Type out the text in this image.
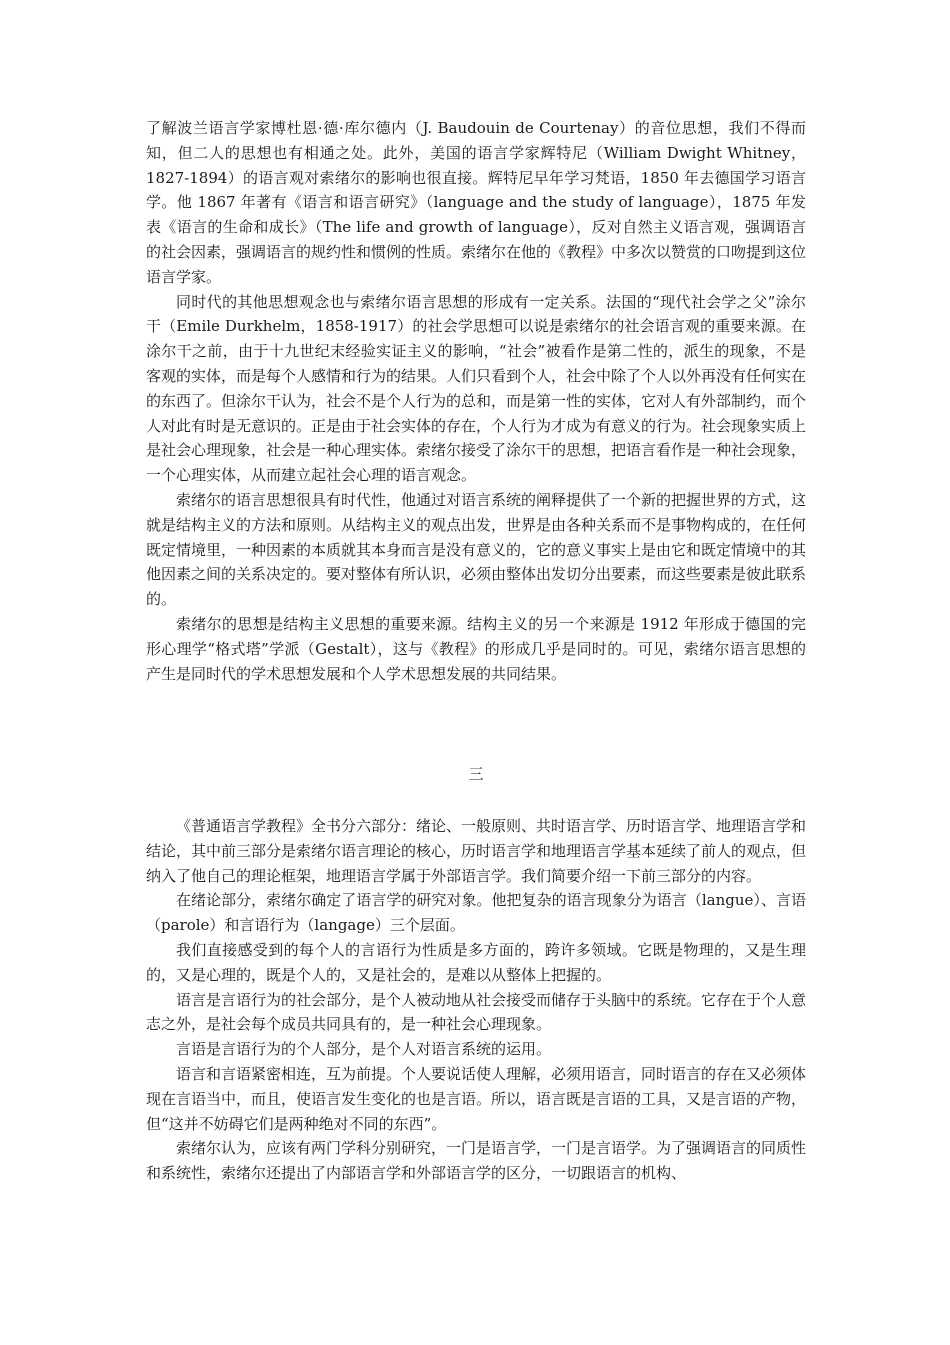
了解波兰语言学家博杜恩·德·库尔德内（J. Baudouin de Courtenay）的音位思想，我们不得而知，但二人的思想也有相通之处。此外，美国的语言学家辉特尼（William Dwight Whitney，1827-1894）的语言观对索绪尔的影响也很直接。辉特尼早年学习梵语，1850 年去德国学习语言学。他 1867 年著有《语言和语言研究》（language and the study of language），1875 年发表《语言的生命和成长》（The life and growth of language），反对自然主义语言观，强调语言的社会因素，强调语言的规约性和惯例的性质。索绪尔在他的《教程》中多次以赞赏的口吻提到这位语言学家。

同时代的其他思想观念也与索绪尔语言思想的形成有一定关系。法国的“现代社会学之父”涂尔干（Emile Durkhelm，1858-1917）的社会学思想可以说是索绪尔的社会语言观的重要来源。在涂尔干之前，由于十九世纪末经验实证主义的影响，“社会”被看作是第二性的，派生的现象，不是客观的实体，而是每个人感情和行为的结果。人们只看到个人，社会中除了个人以外再没有任何实在的东西了。但涂尔干认为，社会不是个人行为的总和，而是第一性的实体，它对人有外部制约，而个人对此有时是无意识的。正是由于社会实体的存在，个人行为才成为有意义的行为。社会现象实质上是社会心理现象，社会是一种心理实体。索绪尔接受了涂尔干的思想，把语言看作是一种社会现象，一个心理实体，从而建立起社会心理的语言观念。

索绪尔的语言思想很具有时代性，他通过对语言系统的阐释提供了一个新的把握世界的方式，这就是结构主义的方法和原则。从结构主义的观点出发，世界是由各种关系而不是事物构成的，在任何既定情境里，一种因素的本质就其本身而言是没有意义的，它的意义事实上是由它和既定情境中的其他因素之间的关系决定的。要对整体有所认识，必须由整体出发切分出要素，而这些要素是彼此联系的。

索绪尔的思想是结构主义思想的重要来源。结构主义的另一个来源是 1912 年形成于德国的完形心理学“格式塔”学派（Gestalt），这与《教程》的形成几乎是同时的。可见，索绪尔语言思想的产生是同时代的学术思想发展和个人学术思想发展的共同结果。

三

《普通语言学教程》全书分六部分：绪论、一般原则、共时语言学、历时语言学、地理语言学和结论，其中前三部分是索绪尔语言理论的核心，历时语言学和地理语言学基本延续了前人的观点，但纳入了他自己的理论框架，地理语言学属于外部语言学。我们简要介绍一下前三部分的内容。

在绪论部分，索绪尔确定了语言学的研究对象。他把复杂的语言现象分为语言（langue）、言语（parole）和言语行为（langage）三个层面。

我们直接感受到的每个人的言语行为性质是多方面的，跨许多领域。它既是物理的，又是生理的，又是心理的，既是个人的，又是社会的，是难以从整体上把握的。

语言是言语行为的社会部分，是个人被动地从社会接受而储存于头脑中的系统。它存在于个人意志之外，是社会每个成员共同具有的，是一种社会心理现象。

言语是言语行为的个人部分，是个人对语言系统的运用。

语言和言语紧密相连，互为前提。个人要说话使人理解，必须用语言，同时语言的存在又必须体现在言语当中，而且，使语言发生变化的也是言语。所以，语言既是言语的工具，又是言语的产物，但“这并不妨碍它们是两种绝对不同的东西”。

索绪尔认为，应该有两门学科分别研究，一门是语言学，一门是言语学。为了强调语言的同质性和系统性，索绪尔还提出了内部语言学和外部语言学的区分，一切跟语言的机构、
